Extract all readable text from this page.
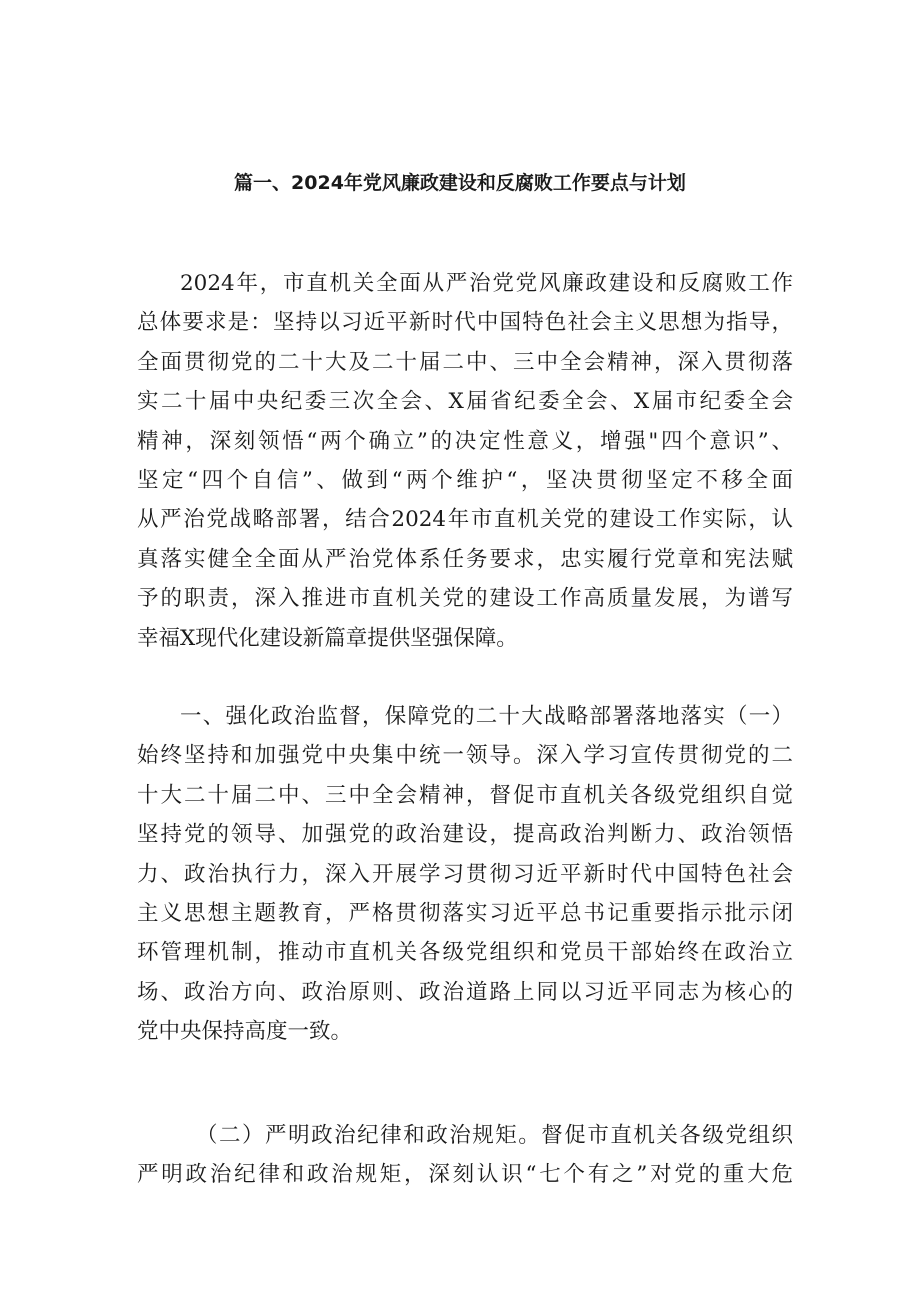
篇一、2024年党风廉政建设和反腐败工作要点与计划
2024年，市直机关全面从严治党党风廉政建设和反腐败工作
总体要求是：坚持以习近平新时代中国特色社会主义思想为指导，
全面贯彻党的二十大及二十届二中、三中全会精神，深入贯彻落
实二十届中央纪委三次全会、X届省纪委全会、X届市纪委全会
精神，深刻领悟“两个确立”的决定性意义，增强"四个意识”、
坚定“四个自信”、做到“两个维护“，坚决贯彻坚定不移全面
从严治党战略部署，结合2024年市直机关党的建设工作实际，认
真落实健全全面从严治党体系任务要求，忠实履行党章和宪法赋
予的职责，深入推进市直机关党的建设工作高质量发展，为谱写
幸福X现代化建设新篇章提供坚强保障。
一、强化政治监督，保障党的二十大战略部署落地落实（一）
始终坚持和加强党中央集中统一领导。深入学习宣传贯彻党的二
十大二十届二中、三中全会精神，督促市直机关各级党组织自觉
坚持党的领导、加强党的政治建设，提高政治判断力、政治领悟
力、政治执行力，深入开展学习贯彻习近平新时代中国特色社会
主义思想主题教育，严格贯彻落实习近平总书记重要指示批示闭
环管理机制，推动市直机关各级党组织和党员干部始终在政治立
场、政治方向、政治原则、政治道路上同以习近平同志为核心的
党中央保持高度一致。
（二）严明政治纪律和政治规矩。督促市直机关各级党组织
严明政治纪律和政治规矩，深刻认识“七个有之”对党的重大危
